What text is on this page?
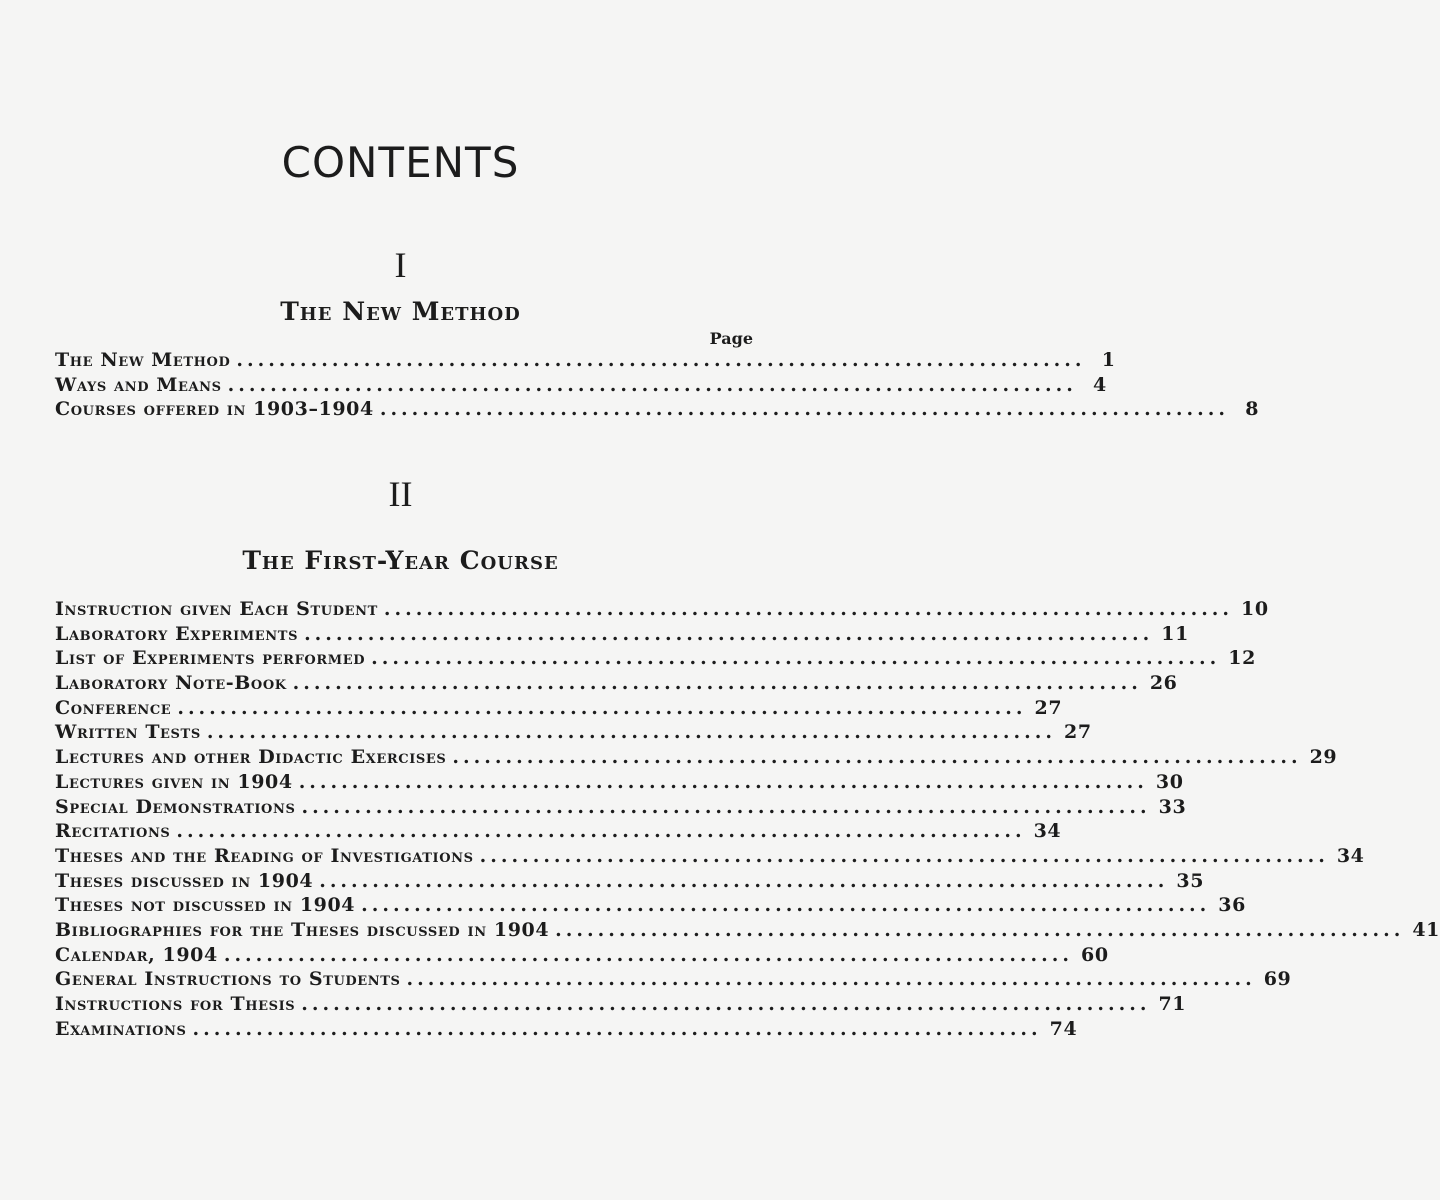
CONTENTS
I
The New Method
Page
The New Method ................................................................................ 1
Ways and Means ................................................................................ 4
Courses offered in 1903–1904 ................................................................................ 8
II
The First-Year Course
Instruction given Each Student ................................................................................ 10
Laboratory Experiments ................................................................................ 11
List of Experiments performed ................................................................................ 12
Laboratory Note-Book ................................................................................ 26
Conference ................................................................................ 27
Written Tests ................................................................................ 27
Lectures and other Didactic Exercises ................................................................................ 29
Lectures given in 1904 ................................................................................ 30
Special Demonstrations ................................................................................ 33
Recitations ................................................................................ 34
Theses and the Reading of Investigations ................................................................................ 34
Theses discussed in 1904 ................................................................................ 35
Theses not discussed in 1904 ................................................................................ 36
Bibliographies for the Theses discussed in 1904 ................................................................................ 41
Calendar, 1904 ................................................................................ 60
General Instructions to Students ................................................................................ 69
Instructions for Thesis ................................................................................ 71
Examinations ................................................................................ 74
